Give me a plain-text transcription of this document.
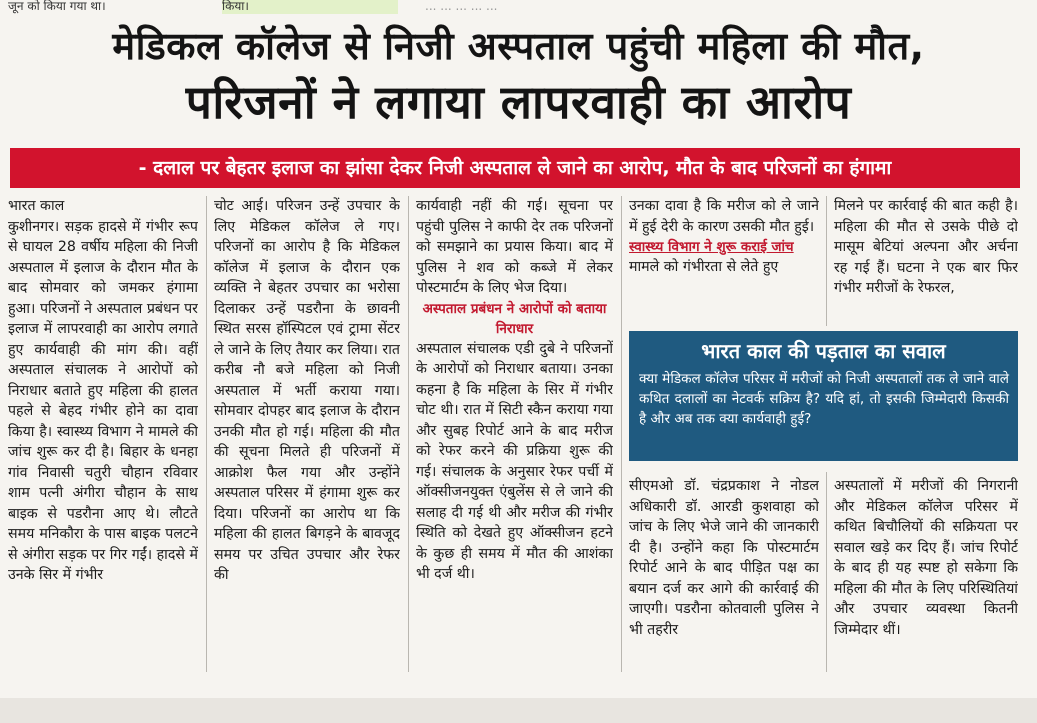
जून को किया गया था।	किया।	... ... ... ... ...
मेडिकल कॉलेज से निजी अस्पताल पहुंची महिला की मौत,
परिजनों ने लगाया लापरवाही का आरोप
- दलाल पर बेहतर इलाज का झांसा देकर निजी अस्पताल ले जाने का आरोप, मौत के बाद परिजनों का हंगामा

भारत काल

कुशीनगर। सड़क हादसे में गंभीर रूप से घायल 28 वर्षीय महिला की निजी अस्पताल में इलाज के दौरान मौत के बाद सोमवार को जमकर हंगामा हुआ। परिजनों ने अस्पताल प्रबंधन पर इलाज में लापरवाही का आरोप लगाते हुए कार्यवाही की मांग की। वहीं अस्पताल संचालक ने आरोपों को निराधार बताते हुए महिला की हालत पहले से बेहद गंभीर होने का दावा किया है। स्वास्थ्य विभाग ने मामले की जांच शुरू कर दी है। बिहार के धनहा गांव निवासी चतुरी चौहान रविवार शाम पत्नी अंगीरा चौहान के साथ बाइक से पडरौना आए थे। लौटते समय मनिकौरा के पास बाइक पलटने से अंगीरा सड़क पर गिर गईं। हादसे में उनके सिर में गंभीर

चोट आई। परिजन उन्हें उपचार के लिए मेडिकल कॉलेज ले गए। परिजनों का आरोप है कि मेडिकल कॉलेज में इलाज के दौरान एक व्यक्ति ने बेहतर उपचार का भरोसा दिलाकर उन्हें पडरौना के छावनी स्थित सरस हॉस्पिटल एवं ट्रामा सेंटर ले जाने के लिए तैयार कर लिया। रात करीब नौ बजे महिला को निजी अस्पताल में भर्ती कराया गया। सोमवार दोपहर बाद इलाज के दौरान उनकी मौत हो गई। महिला की मौत की सूचना मिलते ही परिजनों में आक्रोश फैल गया और उन्होंने अस्पताल परिसर में हंगामा शुरू कर दिया। परिजनों का आरोप था कि महिला की हालत बिगड़ने के बावजूद समय पर उचित उपचार और रेफर की

कार्यवाही नहीं की गई। सूचना पर पहुंची पुलिस ने काफी देर तक परिजनों को समझाने का प्रयास किया। बाद में पुलिस ने शव को कब्जे में लेकर पोस्टमार्टम के लिए भेज दिया।

अस्पताल प्रबंधन ने आरोपों को बताया निराधार

अस्पताल संचालक एडी दुबे ने परिजनों के आरोपों को निराधार बताया। उनका कहना है कि महिला के सिर में गंभीर चोट थी। रात में सिटी स्कैन कराया गया और सुबह रिपोर्ट आने के बाद मरीज को रेफर करने की प्रक्रिया शुरू की गई। संचालक के अनुसार रेफर पर्ची में ऑक्सीजनयुक्त एंबुलेंस से ले जाने की सलाह दी गई थी और मरीज की गंभीर स्थिति को देखते हुए ऑक्सीजन हटने के कुछ ही समय में मौत की आशंका भी दर्ज थी।

उनका दावा है कि मरीज को ले जाने में हुई देरी के कारण उसकी मौत हुई।

स्वास्थ्य विभाग ने शुरू कराई जांच

मामले को गंभीरता से लेते हुए

मिलने पर कार्रवाई की बात कही है। महिला की मौत से उसके पीछे दो मासूम बेटियां अल्पना और अर्चना रह गई हैं। घटना ने एक बार फिर गंभीर मरीजों के रेफरल,

भारत काल की पड़ताल का सवाल
क्या मेडिकल कॉलेज परिसर में मरीजों को निजी अस्पतालों तक ले जाने वाले कथित दलालों का नेटवर्क सक्रिय है? यदि हां, तो इसकी जिम्मेदारी किसकी है और अब तक क्या कार्यवाही हुई?

सीएमओ डॉ. चंद्रप्रकाश ने नोडल अधिकारी डॉ. आरडी कुशवाहा को जांच के लिए भेजे जाने की जानकारी दी है। उन्होंने कहा कि पोस्टमार्टम रिपोर्ट आने के बाद पीड़ित पक्ष का बयान दर्ज कर आगे की कार्रवाई की जाएगी। पडरौना कोतवाली पुलिस ने भी तहरीर

अस्पतालों में मरीजों की निगरानी और मेडिकल कॉलेज परिसर में कथित बिचौलियों की सक्रियता पर सवाल खड़े कर दिए हैं। जांच रिपोर्ट के बाद ही यह स्पष्ट हो सकेगा कि महिला की मौत के लिए परिस्थितियां और उपचार व्यवस्था कितनी जिम्मेदार थीं।
